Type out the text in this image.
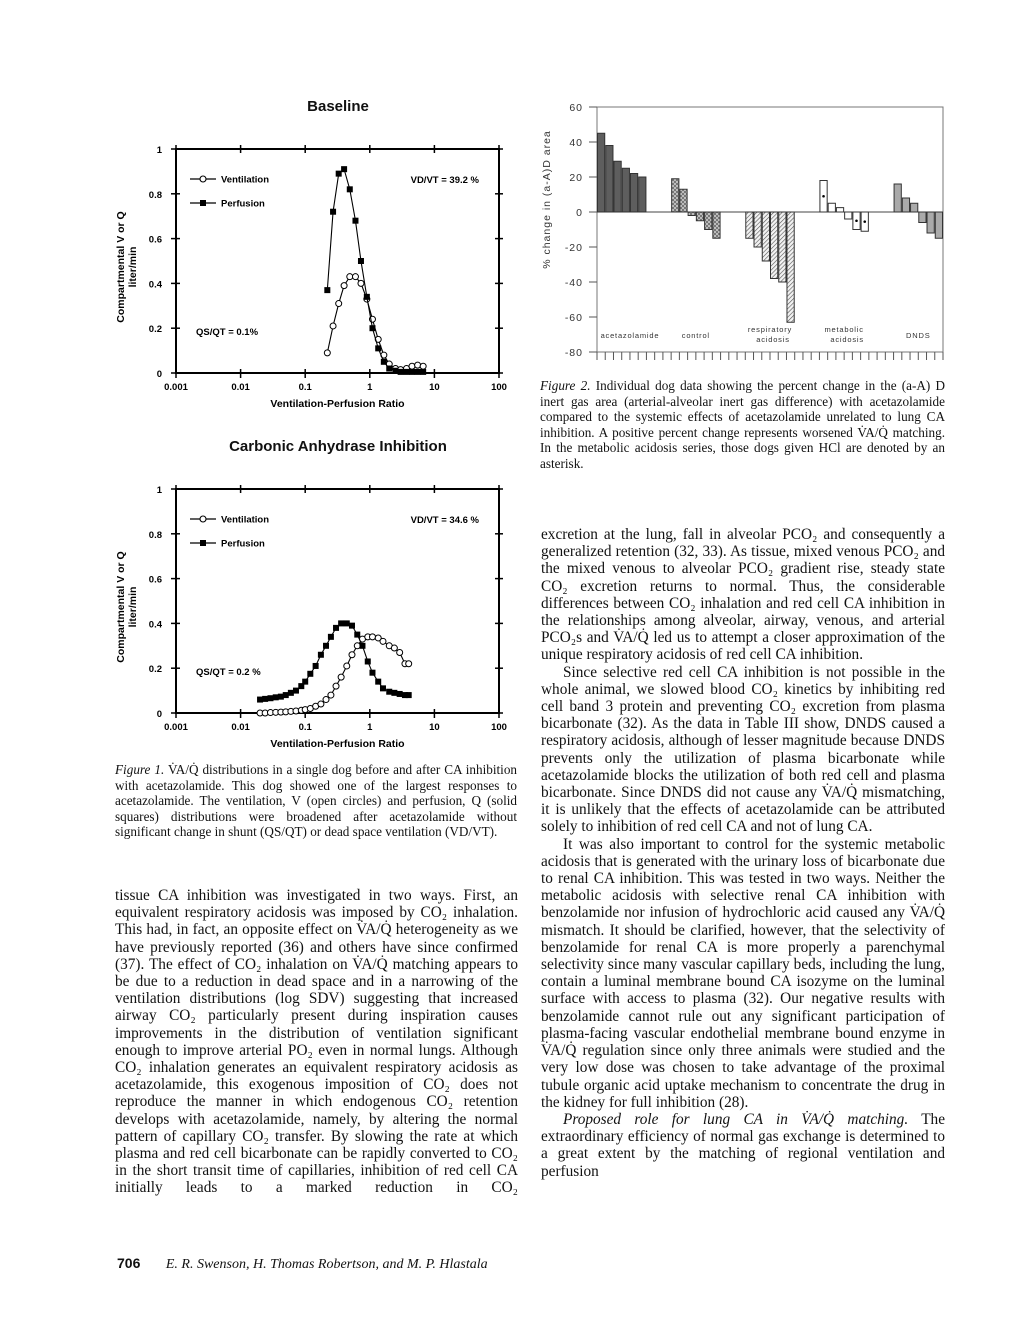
Baseline
0
0.2
0.4
0.6
0.8
1
0.001	0.01	0.1	1	10	100
Ventilation-Perfusion Ratio
Compartmental V or Qliter/min
Ventilation
Perfusion
VD/VT = 39.2 %
QS/QT = 0.1%
Carbonic Anhydrase Inhibition
0
0.2
0.4
0.6
0.8
1
0.001	0.01	0.1	1	10	100
Ventilation-Perfusion Ratio
Compartmental V or Qliter/min
Ventilation
Perfusion
VD/VT = 34.6 %
QS/QT = 0.2 %
Figure 1. V̇A/Q̇ distributions in a single dog before and after CA inhibition with acetazolamide. This dog showed one of the largest responses to acetazolamide. The ventilation, V (open circles) and perfusion, Q (solid squares) distributions were broadened after acetazolamide without significant change in shunt (QS/QT) or dead space ventilation (VD/VT).
-80
-60
-40
-20
0
20
40
60
acetazolamide	control
respiratory acidosis
metabolic acidosis	DNDS
% change in (a-A)D area
Figure 2. Individual dog data showing the percent change in the (a-A) D inert gas area (arterial-alveolar inert gas difference) with acetazolamide compared to the systemic effects of acetazolamide unrelated to lung CA inhibition. A positive percent change represents worsened V̇A/Q̇ matching. In the metabolic acidosis series, those dogs given HCl are denoted by an asterisk.

tissue CA inhibition was investigated in two ways. First, an equivalent respiratory acidosis was imposed by CO₂ inhalation. This had, in fact, an opposite effect on V̇A/Q̇ heterogeneity as we have previously reported (36) and others have since confirmed (37). The effect of CO₂ inhalation on V̇A/Q̇ matching appears to be due to a reduction in dead space and in a narrowing of the ventilation distributions (log SDV) suggesting that increased airway CO₂ particularly present during inspiration causes improvements in the distribution of ventilation significant enough to improve arterial PO₂ even in normal lungs. Although CO₂ inhalation generates an equivalent respiratory acidosis as acetazolamide, this exogenous imposition of CO₂ does not reproduce the manner in which endogenous CO₂ retention develops with acetazolamide, namely, by altering the normal pattern of capillary CO₂ transfer. By slowing the rate at which plasma and red cell bicarbonate can be rapidly converted to CO₂ in the short transit time of capillaries, inhibition of red cell CA initially leads to a marked reduction in CO₂

excretion at the lung, fall in alveolar PCO₂ and consequently a generalized retention (32, 33). As tissue, mixed venous PCO₂ and the mixed venous to alveolar PCO₂ gradient rise, steady state CO₂ excretion returns to normal. Thus, the considerable differences between CO₂ inhalation and red cell CA inhibition in the relationships among alveolar, airway, venous, and arterial PCO₂s and V̇A/Q̇ led us to attempt a closer approximation of the unique respiratory acidosis of red cell CA inhibition.

Since selective red cell CA inhibition is not possible in the whole animal, we slowed blood CO₂ kinetics by inhibiting red cell band 3 protein and preventing CO₂ excretion from plasma bicarbonate (32). As the data in Table III show, DNDS caused a respiratory acidosis, although of lesser magnitude because DNDS prevents only the utilization of plasma bicarbonate while acetazolamide blocks the utilization of both red cell and plasma bicarbonate. Since DNDS did not cause any V̇A/Q̇ mismatching, it is unlikely that the effects of acetazolamide can be attributed solely to inhibition of red cell CA and not of lung CA.

It was also important to control for the systemic metabolic acidosis that is generated with the urinary loss of bicarbonate due to renal CA inhibition. This was tested in two ways. Neither the metabolic acidosis with selective renal CA inhibition with benzolamide nor infusion of hydrochloric acid caused any V̇A/Q̇ mismatch. It should be clarified, however, that the selectivity of benzolamide for renal CA is more properly a parenchymal selectivity since many vascular capillary beds, including the lung, contain a luminal membrane bound CA isozyme on the luminal surface with access to plasma (32). Our negative results with benzolamide cannot rule out any significant participation of plasma-facing vascular endothelial membrane bound enzyme in V̇A/Q̇ regulation since only three animals were studied and the very low dose was chosen to take advantage of the proximal tubule organic acid uptake mechanism to concentrate the drug in the kidney for full inhibition (28).

Proposed role for lung CA in V̇A/Q̇ matching. The extraordinary efficiency of normal gas exchange is determined to a great extent by the matching of regional ventilation and perfusion

706 E. R. Swenson, H. Thomas Robertson, and M. P. Hlastala
